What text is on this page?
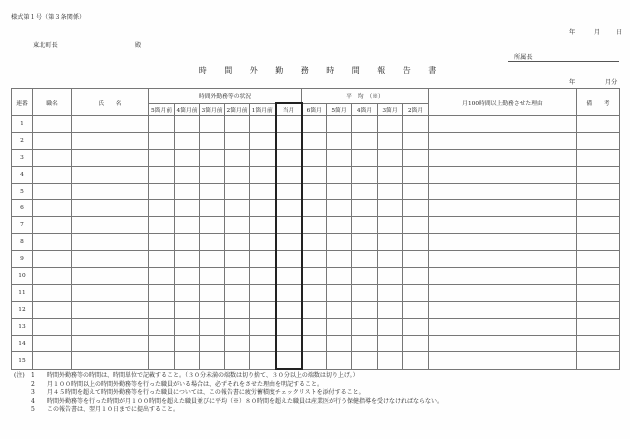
様式第１号（第３条関係）
年	月	日
東北町長	殿
所属長
時 間 外 勤 務 時 間 報 告 書
年	月分
連番	職名	氏　　名	時間外勤務等の状況						平　均　（※）					月100時間以上勤務させた理由	備　　考
			5箇月前	4箇月前	3箇月前	2箇月前	1箇月前	当月	6箇月	5箇月	4箇月	3箇月	2箇月		
1															
2															
3															
4															
5															
6															
7															
8															
9															
10															
11															
12															
13															
14															
15															
(注)	1	時間外勤務等の時間は、時間単位で記載すること。（３０分未満の端数は切り捨て、３０分以上の端数は切り上げ。）
2	月１００時間以上の時間外勤務等を行った職員がいる場合は、必ずそれをさせた理由を明記すること。
3	月４５時間を超えて時間外勤務等を行った職員については、この報告書に疲労蓄積度チェックリストを添付すること。
4	時間外勤務等を行った時間が月１００時間を超えた職員並びに平均（※）８０時間を超えた職員は産業医が行う保健指導を受けなければならない。
5	この報告書は、翌月１０日までに提出すること。
